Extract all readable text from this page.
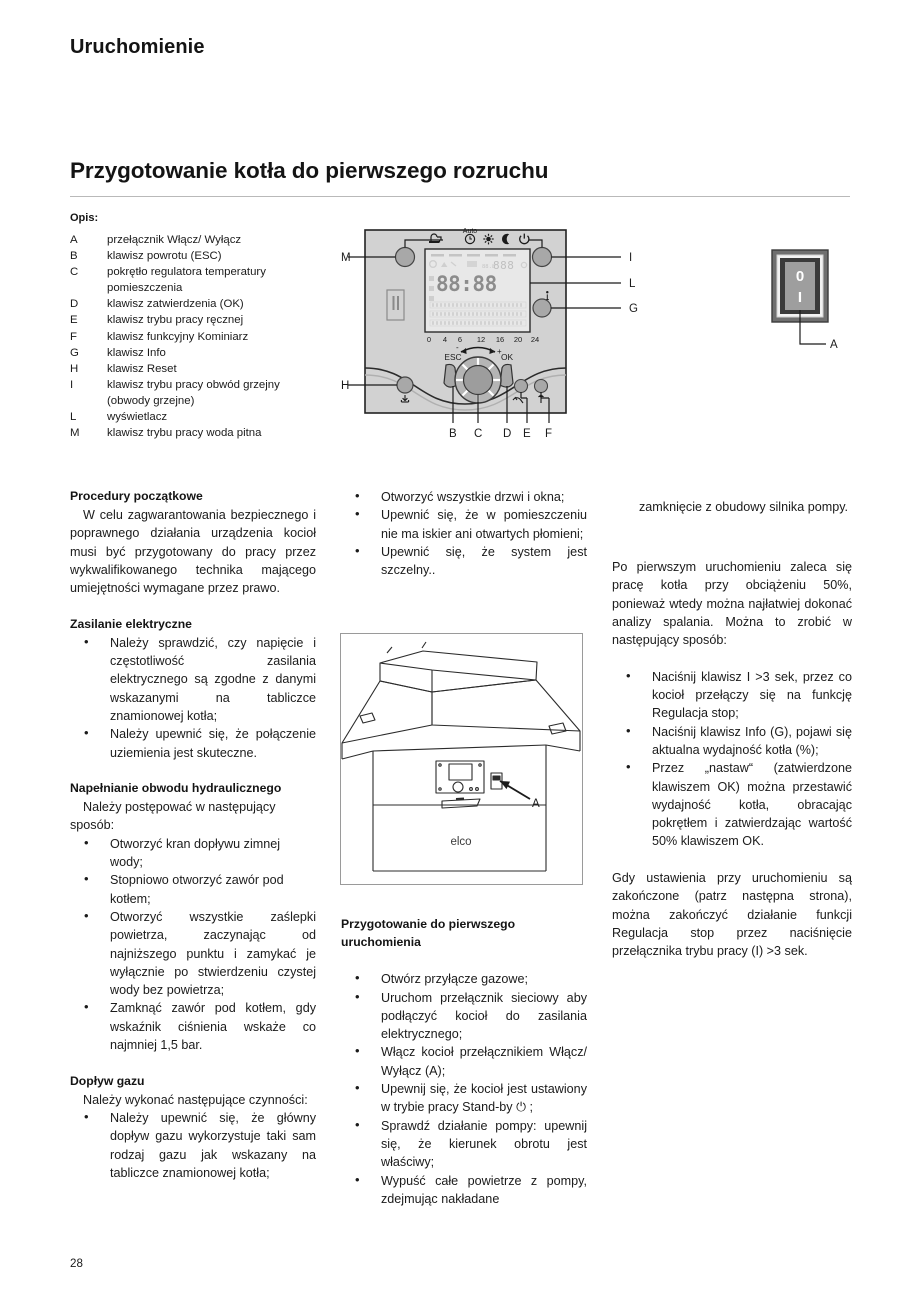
Uruchomienie
Przygotowanie kotła do pierwszego rozruchu
Opis:
A	przełącznik Włącz/ Wyłącz
B	klawisz powrotu (ESC)
C	pokrętło regulatora temperatury
pomieszczenia
D	klawisz zatwierdzenia (OK)
E	klawisz trybu pracy ręcznej
F	klawisz funkcyjny Kominiarz
G	klawisz Info
H	klawisz Reset
I	klawisz trybu pracy obwód grzejny
(obwody grzejne)
L	wyświetlacz
M	klawisz trybu pracy woda pitna
88.8
888
88:88
0 4 6 12 16 20 24
Auto
ESC	OK
-	+
M
H
I
L
G
B C D E F
0
I
A
A
elco
Procedury początkowe

W celu zagwarantowania bezpiecznego i poprawnego działania urządzenia kocioł musi być przygotowany do pracy przez wykwalifikowanego technika mającego umiejętności wymagane przez prawo.

Zasilanie elektryczne
• Należy sprawdzić, czy napięcie i częstotliwość zasilania elektrycznego są zgodne z danymi wskazanymi na tabliczce znamionowej kotła;
• Należy upewnić się, że połączenie uziemienia jest skuteczne.
Napełnianie obwodu hydraulicznego

Należy postępować w następujący sposób:

• Otworzyć kran dopływu zimnej wody;
• Stopniowo otworzyć zawór pod kotłem;
• Otworzyć wszystkie zaślepki powietrza, zaczynając od najniższego punktu i zamykać je wyłącznie po stwierdzeniu czystej wody bez powietrza;
• Zamknąć zawór pod kotłem, gdy wskaźnik ciśnienia wskaże co najmniej 1,5 bar.
Dopływ gazu

Należy wykonać następujące czynności:

• Należy upewnić się, że główny dopływ gazu wykorzystuje taki sam rodzaj gazu jak wskazany na tabliczce znamionowej kotła;
• Otworzyć wszystkie drzwi i okna;
• Upewnić się, że w pomieszczeniu nie ma iskier ani otwartych płomieni;
• Upewnić się, że system jest szczelny..
Przygotowanie do pierwszego
uruchomienia
• Otwórz przyłącze gazowe;
• Uruchom przełącznik sieciowy aby podłączyć kocioł do zasilania elektrycznego;
• Włącz kocioł przełącznikiem Włącz/ Wyłącz (A);
• Upewnij się, że kocioł jest ustawiony w trybie pracy Stand-by ⏻ ;
• Sprawdź działanie pompy: upewnij się, że kierunek obrotu jest właściwy;
• Wypuść całe powietrze z pompy, zdejmując nakładane

zamknięcie z obudowy silnika pompy.

Po pierwszym uruchomieniu zaleca się pracę kotła przy obciążeniu 50%, ponieważ wtedy można najłatwiej dokonać analizy spalania. Można to zrobić w następujący sposób:

• Naciśnij klawisz I >3 sek, przez co kocioł przełączy się na funkcję Regulacja stop;
• Naciśnij klawisz Info (G), pojawi się aktualna wydajność kotła (%);
• Przez „nastaw“ (zatwierdzone klawiszem OK) można przestawić wydajność kotła, obracając pokrętłem i zatwierdzając wartość 50% klawiszem OK.

Gdy ustawienia przy uruchomieniu są zakończone (patrz następna strona), można zakończyć działanie funkcji Regulacja stop przez naciśnięcie przełącznika trybu pracy (I) >3 sek.

28
